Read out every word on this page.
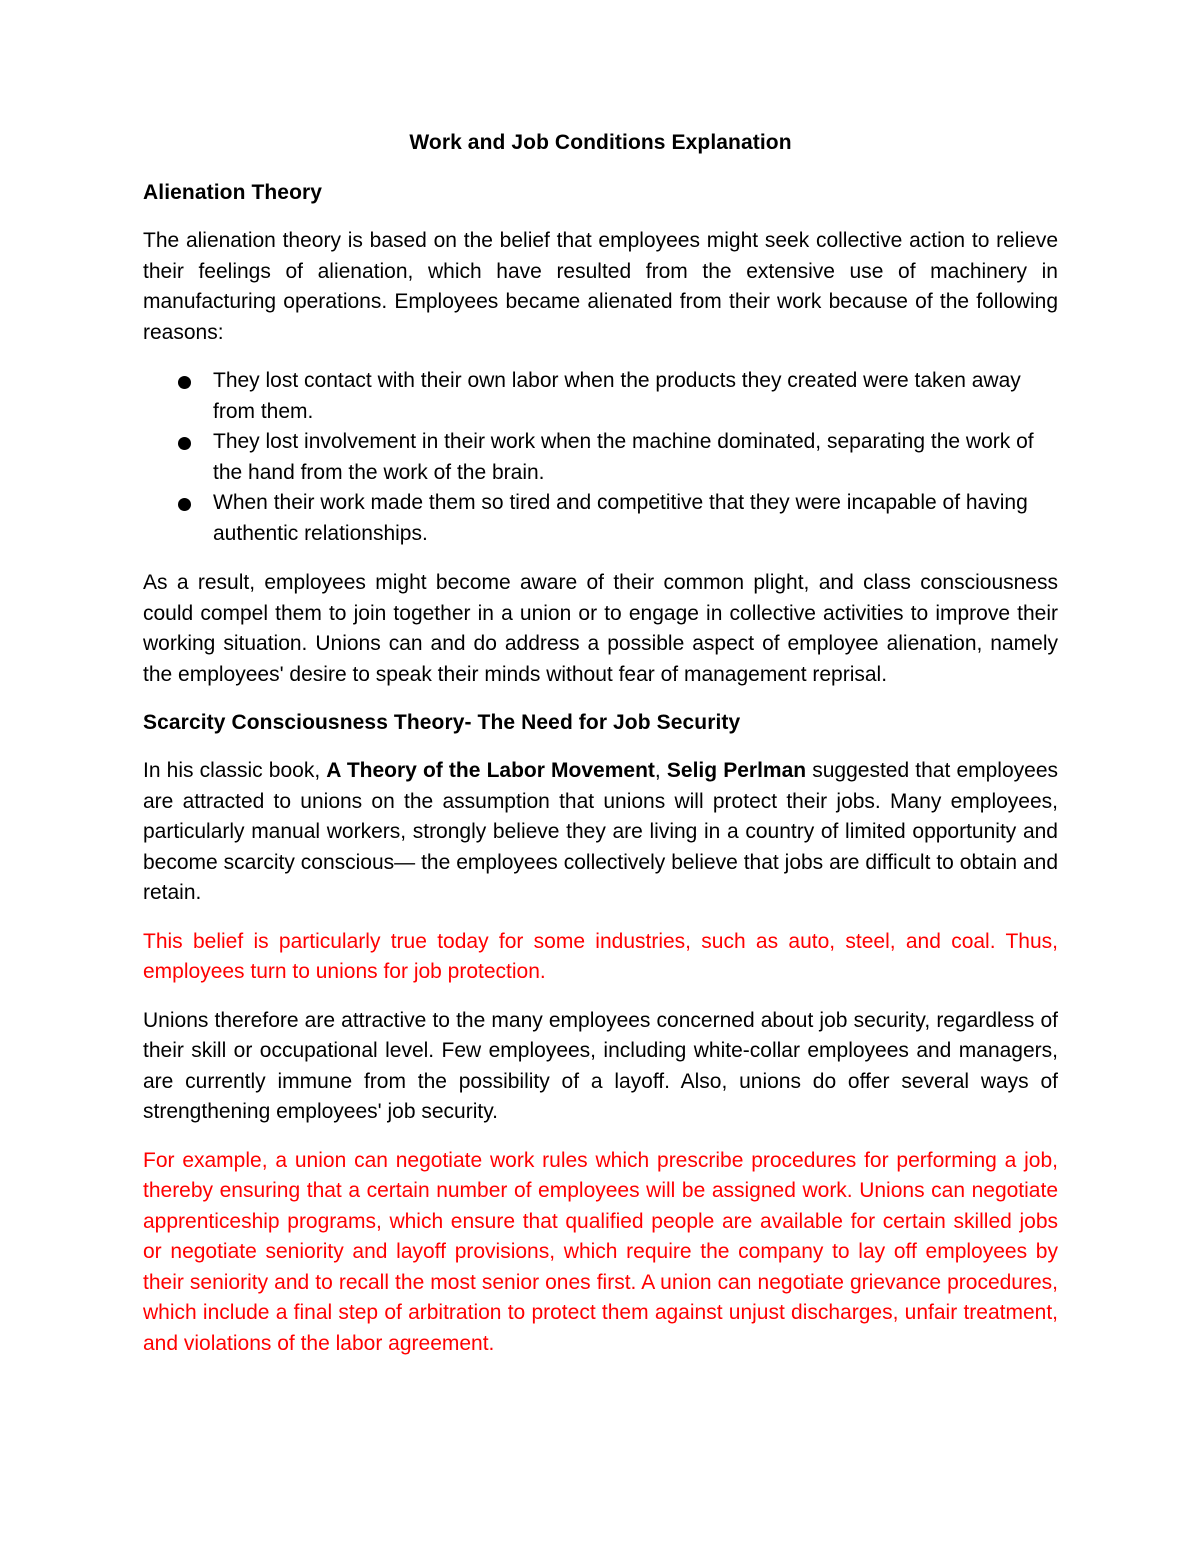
Work and Job Conditions Explanation
Alienation Theory

The alienation theory is based on the belief that employees might seek collective action to relieve their feelings of alienation, which have resulted from the extensive use of machinery in manufacturing operations. Employees became alienated from their work because of the following reasons:

They lost contact with their own labor when the products they created were taken away from them.
They lost involvement in their work when the machine dominated, separating the work of the hand from the work of the brain.
When their work made them so tired and competitive that they were incapable of having authentic relationships.

As a result, employees might become aware of their common plight, and class consciousness could compel them to join together in a union or to engage in collective activities to improve their working situation. Unions can and do address a possible aspect of employee alienation, namely the employees' desire to speak their minds without fear of management reprisal.

Scarcity Consciousness Theory- The Need for Job Security

In his classic book, A Theory of the Labor Movement, Selig Perlman suggested that employees are attracted to unions on the assumption that unions will protect their jobs. Many employees, particularly manual workers, strongly believe they are living in a country of limited opportunity and become scarcity conscious— the employees collectively believe that jobs are difficult to obtain and retain.

This belief is particularly true today for some industries, such as auto, steel, and coal. Thus, employees turn to unions for job protection.

Unions therefore are attractive to the many employees concerned about job security, regardless of their skill or occupational level. Few employees, including white-collar employees and managers, are currently immune from the possibility of a layoff. Also, unions do offer several ways of strengthening employees' job security.

For example, a union can negotiate work rules which prescribe procedures for performing a job, thereby ensuring that a certain number of employees will be assigned work. Unions can negotiate apprenticeship programs, which ensure that qualified people are available for certain skilled jobs or negotiate seniority and layoff provisions, which require the company to lay off employees by their seniority and to recall the most senior ones first. A union can negotiate grievance procedures, which include a final step of arbitration to protect them against unjust discharges, unfair treatment, and violations of the labor agreement.
